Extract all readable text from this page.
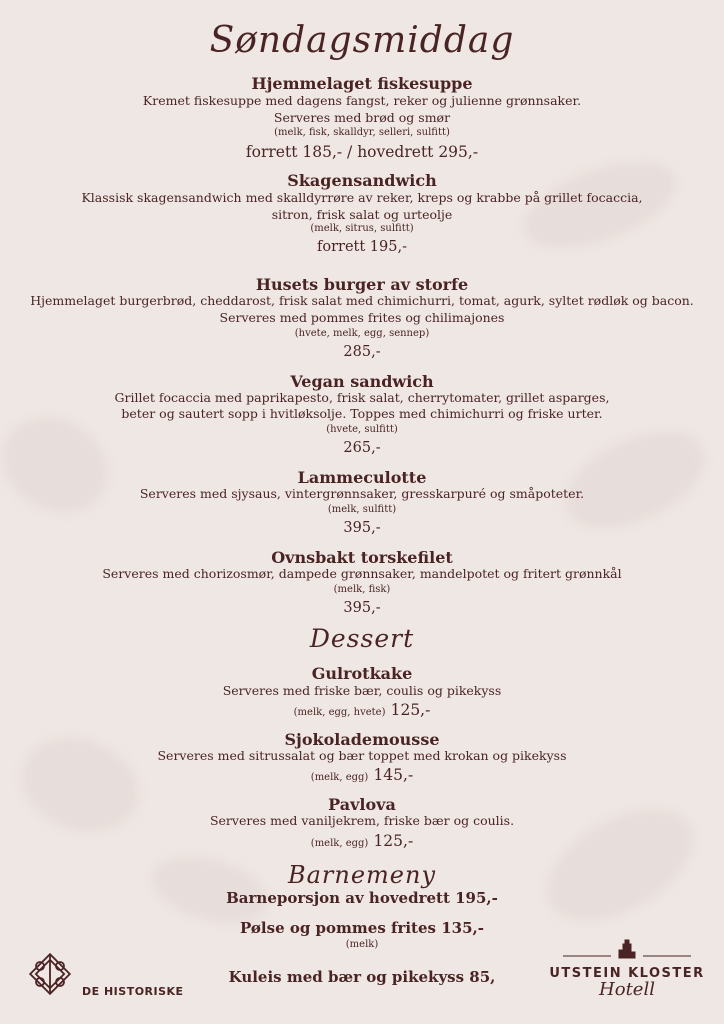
Søndagsmiddag
Hjemmelaget fiskesuppe
Kremet fiskesuppe med dagens fangst, reker og julienne grønnsaker.
Serveres med brød og smør
(melk, fisk, skalldyr, selleri, sulfitt)
forrett 185,- / hovedrett 295,-
Skagensandwich
Klassisk skagensandwich med skalldyrrøre av reker, kreps og krabbe på grillet focaccia,
sitron, frisk salat og urteolje
(melk, sitrus, sulfitt)
forrett 195,-
Husets burger av storfe
Hjemmelaget burgerbrød, cheddarost, frisk salat med chimichurri, tomat, agurk, syltet rødløk og bacon.
Serveres med pommes frites og chilimajones
(hvete, melk, egg, sennep)
285,-
Vegan sandwich
Grillet focaccia med paprikapesto, frisk salat, cherrytomater, grillet asparges,
beter og sautert sopp i hvitløksolje. Toppes med chimichurri og friske urter.
(hvete, sulfitt)
265,-
Lammeculotte
Serveres med sjysaus, vintergrønnsaker, gresskarpuré og småpoteter.
(melk, sulfitt)
395,-
Ovnsbakt torskefilet
Serveres med chorizosmør, dampede grønnsaker, mandelpotet og fritert grønnkål
(melk, fisk)
395,-
Dessert
Gulrotkake
Serveres med friske bær, coulis og pikekyss
(melk, egg, hvete) 125,-
Sjokolademousse
Serveres med sitrussalat og bær toppet med krokan og pikekyss
(melk, egg) 145,-
Pavlova
Serveres med vaniljekrem, friske bær og coulis.
(melk, egg) 125,-
Barnemeny
Barneporsjon av hovedrett 195,-
Pølse og pommes frites 135,-
(melk)
Kuleis med bær og pikekyss 85,
DE HISTORISKE
UTSTEIN KLOSTER
Hotell
